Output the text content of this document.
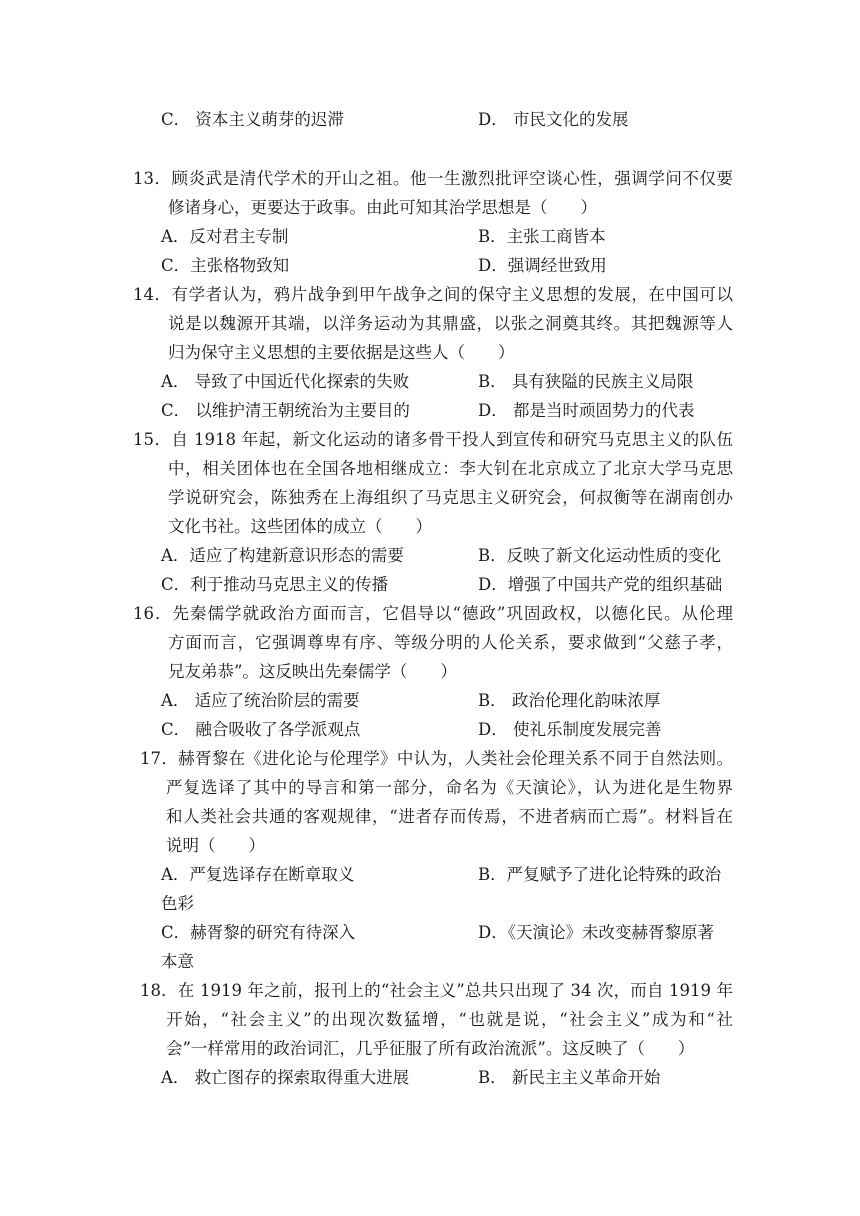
C． 资本主义萌芽的迟滞	D． 市民文化的发展
13．顾炎武是清代学术的开山之祖。他一生激烈批评空谈心性，强调学问不仅要
修诸身心，更要达于政事。由此可知其治学思想是（　　）
A．反对君主专制	B．主张工商皆本
C．主张格物致知	D．强调经世致用
14．有学者认为，鸦片战争到甲午战争之间的保守主义思想的发展，在中国可以
说是以魏源开其端，以洋务运动为其鼎盛，以张之洞奠其终。其把魏源等人
归为保守主义思想的主要依据是这些人（　　）
A． 导致了中国近代化探索的失败	B． 具有狭隘的民族主义局限
C． 以维护清王朝统治为主要目的	D． 都是当时顽固势力的代表
15．自 1918 年起，新文化运动的诸多骨干投人到宣传和研究马克思主义的队伍
中，相关团体也在全国各地相继成立：李大钊在北京成立了北京大学马克思
学说研究会，陈独秀在上海组织了马克思主义研究会，何叔衡等在湖南创办
文化书社。这些团体的成立（　　）
A．适应了构建新意识形态的需要	B．反映了新文化运动性质的变化
C．利于推动马克思主义的传播	D．增强了中国共产党的组织基础
16．先秦儒学就政治方面而言，它倡导以“德政”巩固政权，以德化民。从伦理
方面而言，它强调尊卑有序、等级分明的人伦关系，要求做到“父慈子孝，
兄友弟恭”。这反映出先秦儒学（　　）
A． 适应了统治阶层的需要	B． 政治伦理化韵味浓厚
C． 融合吸收了各学派观点	D． 使礼乐制度发展完善
17．赫胥黎在《进化论与伦理学》中认为，人类社会伦理关系不同于自然法则。
严复选译了其中的导言和第一部分，命名为《天演论》，认为进化是生物界
和人类社会共通的客观规律，“进者存而传焉，不进者病而亡焉”。材料旨在
说明（　　）
A．严复选译存在断章取义	B．严复赋予了进化论特殊的政治
色彩
C．赫胥黎的研究有待深入	D．《天演论》未改变赫胥黎原著
本意
18．在 1919 年之前，报刊上的“社会主义”总共只出现了 34 次，而自 1919 年
开始，“社会主义”的出现次数猛增，“也就是说，“社会主义”成为和“社
会”一样常用的政治词汇，几乎征服了所有政治流派”。这反映了（　　）
A． 救亡图存的探索取得重大进展	B． 新民主主义革命开始
